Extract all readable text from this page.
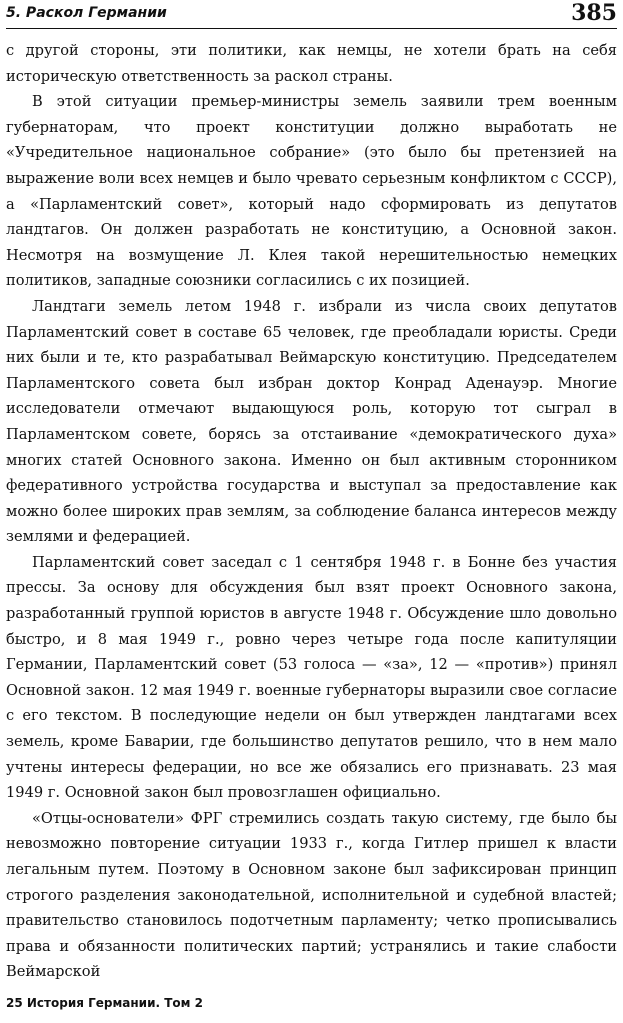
5. Раскол Германии	385

с другой стороны, эти политики, как немцы, не хотели брать на себя историческую ответственность за раскол страны.

В этой ситуации премьер-министры земель заявили трем военным губернаторам, что проект конституции должно выработать не «Учредительное национальное собрание» (это было бы претензией на выражение воли всех немцев и было чревато серьезным конфликтом с СССР), а «Парламентский совет», который надо сформировать из депутатов ландтагов. Он должен разработать не конституцию, а Основной закон. Несмотря на возмущение Л. Клея такой нерешительностью немецких политиков, западные союзники согласились с их позицией.

Ландтаги земель летом 1948 г. избрали из числа своих депутатов Парламентский совет в составе 65 человек, где преобладали юристы. Среди них были и те, кто разрабатывал Веймарскую конституцию. Председателем Парламентского совета был избран доктор Конрад Аденауэр. Многие исследователи отмечают выдающуюся роль, которую тот сыграл в Парламентском совете, борясь за отстаивание «демократического духа» многих статей Основного закона. Именно он был активным сторонником федеративного устройства государства и выступал за предоставление как можно более широких прав землям, за соблюдение баланса интересов между землями и федерацией.

Парламентский совет заседал с 1 сентября 1948 г. в Бонне без участия прессы. За основу для обсуждения был взят проект Основного закона, разработанный группой юристов в августе 1948 г. Обсуждение шло довольно быстро, и 8 мая 1949 г., ровно через четыре года после капитуляции Германии, Парламентский совет (53 голоса — «за», 12 — «против») принял Основной закон. 12 мая 1949 г. военные губернаторы выразили свое согласие с его текстом. В последующие недели он был утвержден ландтагами всех земель, кроме Баварии, где большинство депутатов решило, что в нем мало учтены интересы федерации, но все же обязались его признавать. 23 мая 1949 г. Основной закон был провозглашен официально.

«Отцы-основатели» ФРГ стремились создать такую систему, где было бы невозможно повторение ситуации 1933 г., когда Гитлер пришел к власти легальным путем. Поэтому в Основном законе был зафиксирован принцип строгого разделения законодательной, исполнительной и судебной властей; правительство становилось подотчетным парламенту; четко прописывались права и обязанности политических партий; устранялись и такие слабости Веймарской

25 История Германии. Том 2
